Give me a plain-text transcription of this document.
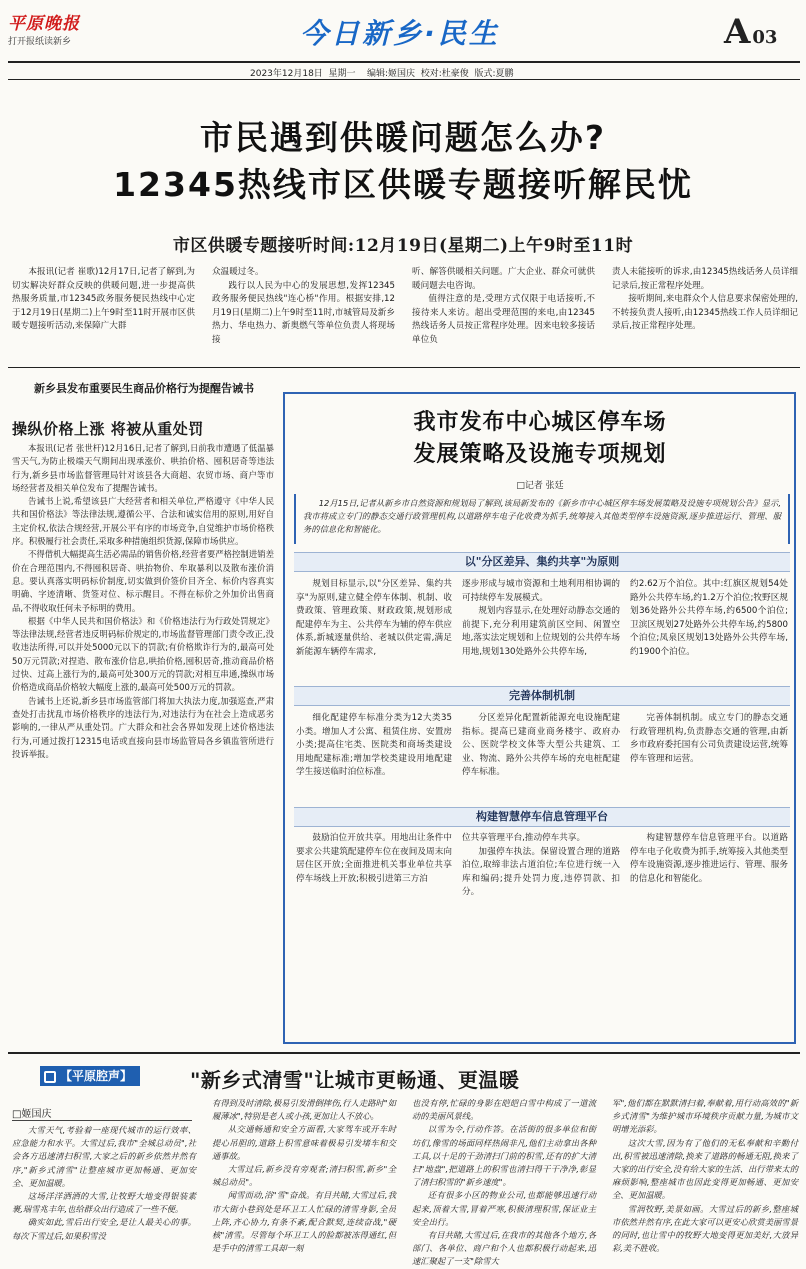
平原晚报
打开报纸读新乡	今日新乡·民生	A 03
2023年12月18日  星期一    编辑:姬国庆  校对:杜豪俊  版式:夏鹏
市民遇到供暖问题怎么办?
12345热线市区供暖专题接听解民忧
市区供暖专题接听时间:12月19日(星期二)上午9时至11时

本报讯(记者 崔歌)12月17日,记者了解到,为切实解决好群众反映的供暖问题,进一步提高供热服务质量,市12345政务服务便民热线中心定于12月19日(星期二)上午9时至11时开展市区供暖专题接听活动,来保障广大群

众温暖过冬。

践行以人民为中心的发展思想,发挥12345政务服务便民热线"连心桥"作用。根据安排,12月19日(星期二)上午9时至11时,市城管局及新乡热力、华电热力、新奥燃气等单位负责人将现场接

听、解答供暖相关问题。广大企业、群众可就供暖问题去电咨询。

值得注意的是,受理方式仅限于电话接听,不接待来人来访。超出受理范围的来电,由12345热线话务人员按正常程序处理。因来电较多接话单位负

责人未能接听的诉求,由12345热线话务人员详细记录后,按正常程序处理。

接听期间,来电群众个人信息要求保密处理的,不转接负责人接听,由12345热线工作人员详细记录后,按正常程序处理。

新乡县发布重要民生商品价格行为提醒告诫书
操纵价格上涨 将被从重处罚

本报讯(记者 张世杆)12月16日,记者了解到,日前我市遭遇了低温暴雪天气,为防止极端天气期间出现承涨价、哄抬价格、囤积居奇等违法行为,新乡县市场监督管理局针对该县各大商超、农贸市场、商户等市场经营者及相关单位发布了提醒告诫书。

告诫书上说,希望该县广大经营者和相关单位,严格遵守《中华人民共和国价格法》等法律法规,遵循公平、合法和诚实信用的原则,用好自主定价权,依法合规经营,开展公平有序的市场竞争,自觉维护市场价格秩序。积极履行社会责任,采取多种措施组织货源,保障市场供应。

不得借机大幅提高生活必需品的销售价格,经营者要严格控制进销差价在合理范围内,不得囤积居奇、哄抬物价、牟取暴利以及散布涨价消息。要认真落实明码标价制度,切实做到价签价目齐全、标价内容真实明确、字迹清晰、货签对位、标示醒目。不得在标价之外加价出售商品,不得收取任何未予标明的费用。

根据《中华人民共和国价格法》和《价格违法行为行政处罚规定》等法律法规,经营者违反明码标价规定的,市场监督管理部门责令改正,没收违法所得,可以并处5000元以下的罚款;有价格欺诈行为的,最高可处50万元罚款;对捏造、散布涨价信息,哄抬价格,囤积居奇,推动商品价格过快、过高上涨行为的,最高可处300万元的罚款;对相互串通,操纵市场价格造成商品价格较大幅度上涨的,最高可处500万元的罚款。

告诫书上还说,新乡县市场监管部门将加大执法力度,加强巡查,严肃查处打击扰乱市场价格秩序的违法行为,对违法行为在社会上造成恶劣影响的,一律从严从重处罚。广大群众和社会各界如发现上述价格违法行为,可通过拨打12315电话或直接向县市场监管局各乡镇监管所进行投诉举报。

我市发布中心城区停车场
发展策略及设施专项规划
□记者 张廷

12月15日,记者从新乡市自然资源和规划局了解到,该局新发布的《新乡市中心城区停车场发展策略及设施专项规划公告》显示,我市将成立专门的静态交通行政管理机构,以道路停车电子化收费为抓手,统筹接入其他类型停车设施资源,逐步推进运行、管理、服务的信息化和智能化。

以"分区差异、集约共享"为原则

规划目标显示,以"分区差异、集约共享"为原则,建立健全停车体制、机制、收费政策、管理政策、财政政策,规划形成配建停车为主、公共停车为辅的停车供应体系,新城逐量供给、老城以供定需,满足新能源车辆停车需求,

逐步形成与城市资源和土地利用相协调的可持续停车发展模式。

规划内容显示,在处理好动静态交通的前提下,充分利用建筑前区空间、闲置空地,落实法定规划和上位规划的公共停车场用地,规划130处路外公共停车场,

约2.62万个泊位。其中:红旗区规划54处路外公共停车场,约1.2万个泊位;牧野区规划36处路外公共停车场,约6500个泊位;卫滨区规划27处路外公共停车场,约5800个泊位;凤泉区规划13处路外公共停车场,约1900个泊位。

完善体制机制

细化配建停车标准分类为12大类35小类。增加人才公寓、租赁住房、安置房小类;提高住宅类、医院类和商场类建设用地配建标准;增加学校类建设用地配建学生接送临时泊位标准。

分区差异化配置新能源充电设施配建指标。提高已建商业商务楼宇、政府办公、医院学校文体等大型公共建筑、工业、物流、路外公共停车场的充电桩配建停车标准。

完善体制机制。成立专门的静态交通行政管理机构,负责静态交通的管理,由新乡市政府委托国有公司负责建设运营,统筹停车管理和运营。

构建智慧停车信息管理平台

鼓励泊位开放共享。用地出让条件中要求公共建筑配建停车位在夜间及周末向居住区开放;全面推进机关事业单位共享停车场线上开放;积极引进第三方泊

位共享管理平台,推动停车共享。

加强停车执法。保留设置合理的道路泊位,取缔非法占道泊位;车位进行统一入库和编码;提升处罚力度,违停罚款、扣分。

构建智慧停车信息管理平台。以道路停车电子化收费为抓手,统筹接入其他类型停车设施资源,逐步推进运行、管理、服务的信息化和智能化。

【平原腔声】	"新乡式清雪"让城市更畅通、更温暖
□姬国庆

大雪天气,考验着一座现代城市的运行效率、应急能力和水平。大雪过后,我市"全城总动员",社会各方迅速清扫积雪,大家之后的新乡依然井然有序,"新乡式清雪"让整座城市更加畅通、更加安全、更加温暖。

这场洋洋洒洒的大雪,让牧野大地变得银装素裹,瑞雪兆丰年,也给群众出行造成了一些不便。

确实如此,雪后出行安全,是让人最关心的事。每次下雪过后,如果积雪没

有得到及时清除,极易引发滑倒摔伤,行人走路时"如履薄冰",特别是老人或小孩,更加让人不放心。

从交通畅通和安全方面看,大家驾车或开车时提心吊胆的,道路上积雪意味着极易引发堵车和交通事故。

大雪过后,新乡没有旁观者;清扫积雪,新乡"全城总动员"。

闻雪而动,浴"雪"奋战。有目共睹,大雪过后,我市大街小巷到处是环卫工人忙碌的清雪身影,全员上阵,齐心协力,有条不紊,配合默契,连续奋战,"硬核"清雪。尽管每个环卫工人的脸都被冻得通红,但是手中的清雪工具却一刻

也没有停,忙碌的身影在皑皑白雪中构成了一道流动的美丽风景线。

以雪为令,行动作答。在活街的很多单位和街坊们,像雪的场面同样热闹非凡,他们主动拿出各种工具,以十足的干劲清扫门前的积雪,还有的扩大清扫"地盘",把道路上的积雪也清扫得干干净净,彰显了清扫积雪的"新乡速度"。

还有很多小区的物业公司,也都能够迅速行动起来,顶着大雪,冒着严寒,积极清理积雪,保证业主安全出行。

有目共睹,大雪过后,在我市的其他各个地方,各部门、各单位、商户和个人也都积极行动起来,迅速汇聚起了一支"除雪大

军",他们都在默默清扫着,奉献着,用行动高效的"新乡式清雪"为维护城市环境秩序贡献力量,为城市文明增光添彩。

这次大雪,因为有了他们的无私奉献和辛勤付出,积雪被迅速清除,换来了道路的畅通无阻,换来了大家的出行安全,没有给大家的生活、出行带来太的麻烦影响,整座城市也因此变得更加畅通、更加安全、更加温暖。

雪润牧野,美景如画。大雪过后的新乡,整座城市依然井然有序,在此大家可以更安心欣赏美丽雪景的同时,也让雪中的牧野大地变得更加美好,大放异彩,美不胜收。
